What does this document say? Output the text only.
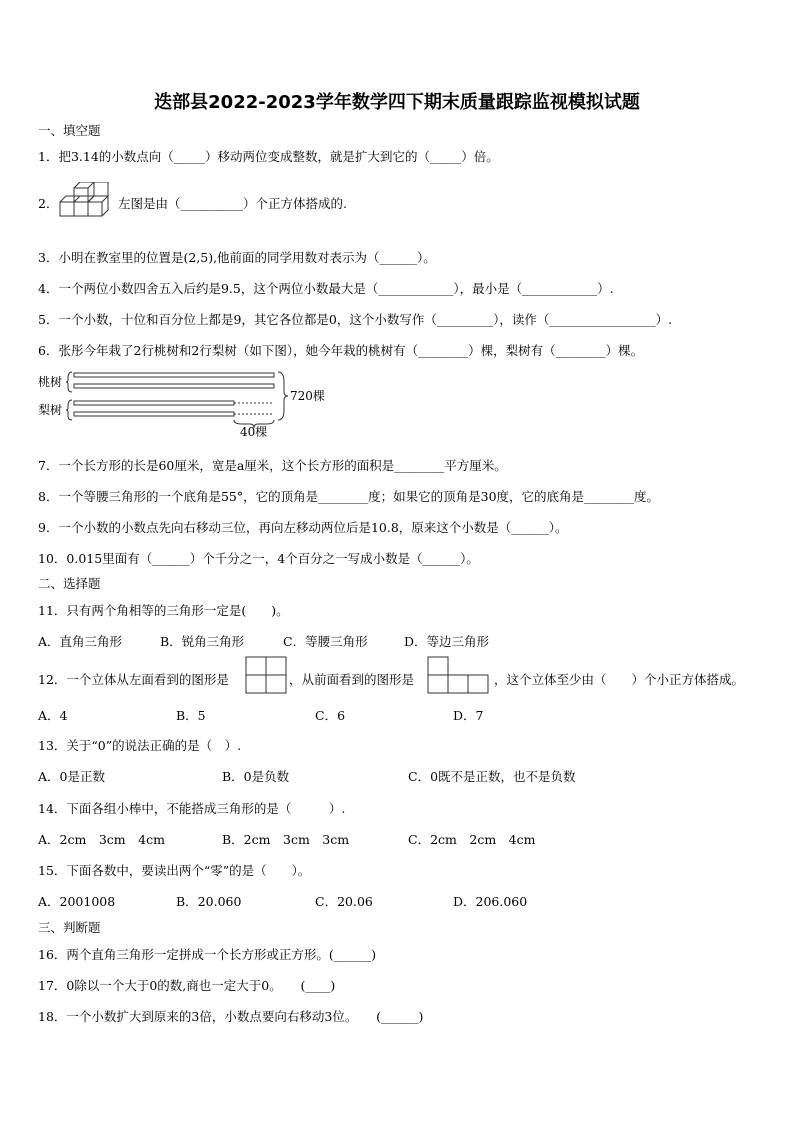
迭部县2022-2023学年数学四下期末质量跟踪监视模拟试题
一、填空题
1．把3.14的小数点向（_____）移动两位变成整数，就是扩大到它的（_____）倍。
2．	左图是由（__________）个正方体搭成的.
3．小明在教室里的位置是(2,5),他前面的同学用数对表示为（______）。
4．一个两位小数四舍五入后约是9.5，这个两位小数最大是（____________），最小是（____________）.
5．一个小数，十位和百分位上都是9，其它各位都是0，这个小数写作（_________），读作（_________________）.
6．张彤今年栽了2行桃树和2行梨树（如下图），她今年栽的桃树有（________）棵，梨树有（________）棵。
桃树
梨树
720棵
40棵
7．一个长方形的长是60厘米，宽是a厘米，这个长方形的面积是________平方厘米。
8．一个等腰三角形的一个底角是55°，它的顶角是________度；如果它的顶角是30度，它的底角是________度。
9．一个小数的小数点先向右移动三位，再向左移动两位后是10.8，原来这个小数是（______）。
10．0.015里面有（______）个千分之一，4个百分之一写成小数是（______）。
二、选择题
11．只有两个角相等的三角形一定是(　　)。
A．直角三角形	B．锐角三角形	C．等腰三角形	D．等边三角形
12．一个立体从左面看到的图形是	，从前面看到的图形是	，这个立体至少由（　　）个小正方体搭成。
A．4	B．5	C．6	D．7
13．关于“0”的说法正确的是（　）.
A．0是正数	B．0是负数	C．0既不是正数，也不是负数
14．下面各组小棒中，不能搭成三角形的是（　　　）.
A．2cm　3cm　4cm	B．2cm　3cm　3cm	C．2cm　2cm　4cm
15．下面各数中，要读出两个“零”的是（　　）。
A．2001008	B．20.060	C．20.06	D．206.060
三、判断题
16．两个直角三角形一定拼成一个长方形或正方形。(______)
17．0除以一个大于0的数,商也一定大于0。　　(____)
18．一个小数扩大到原来的3倍，小数点要向右移动3位。　　(______)
